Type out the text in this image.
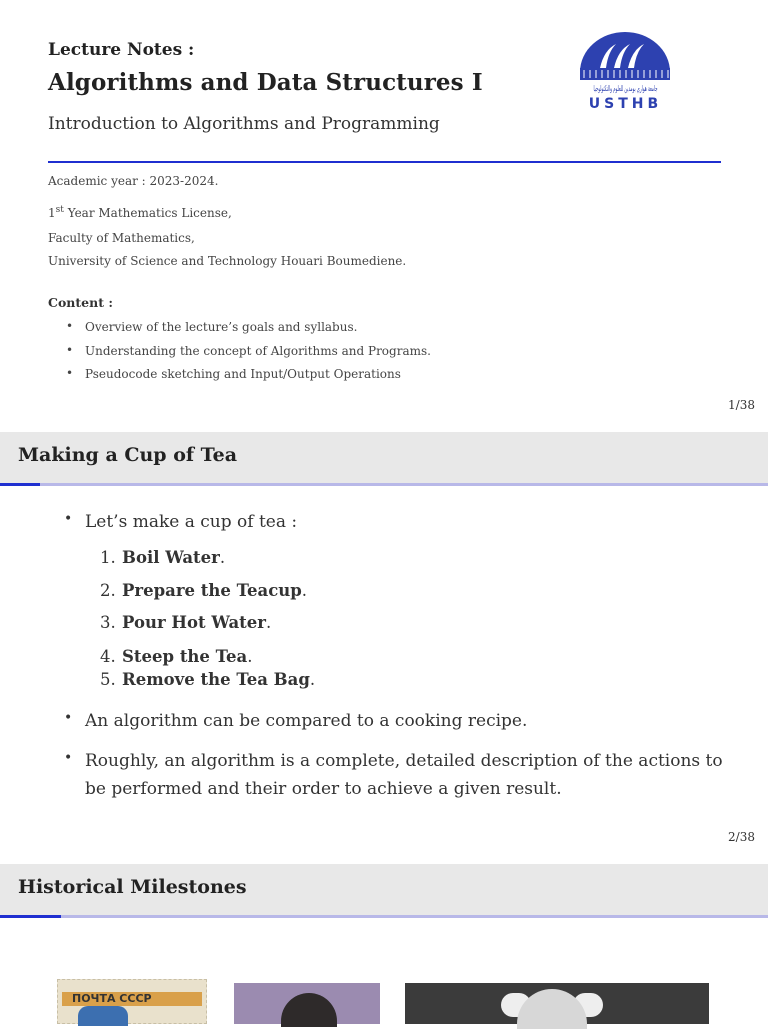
Lecture Notes :
Algorithms and Data Structures I
Introduction to Algorithms and Programming
جامعة هواري بومدين للعلوم والتكنولوجيا
USTHB
Academic year : 2023-2024.
1st Year Mathematics License,
Faculty of Mathematics,
University of Science and Technology Houari Boumediene.
Content :
• Overview of the lecture’s goals and syllabus.
• Understanding the concept of Algorithms and Programs.
• Pseudocode sketching and Input/Output Operations
1/38
Making a Cup of Tea
• Let’s make a cup of tea :
1. Boil Water.
2. Prepare the Teacup.
3. Pour Hot Water.
4. Steep the Tea.
5. Remove the Tea Bag.
• An algorithm can be compared to a cooking recipe.
• Roughly, an algorithm is a complete, detailed description of the actions to be performed and their order to achieve a given result.
2/38
Historical Milestones
ПОЧТА СССР
